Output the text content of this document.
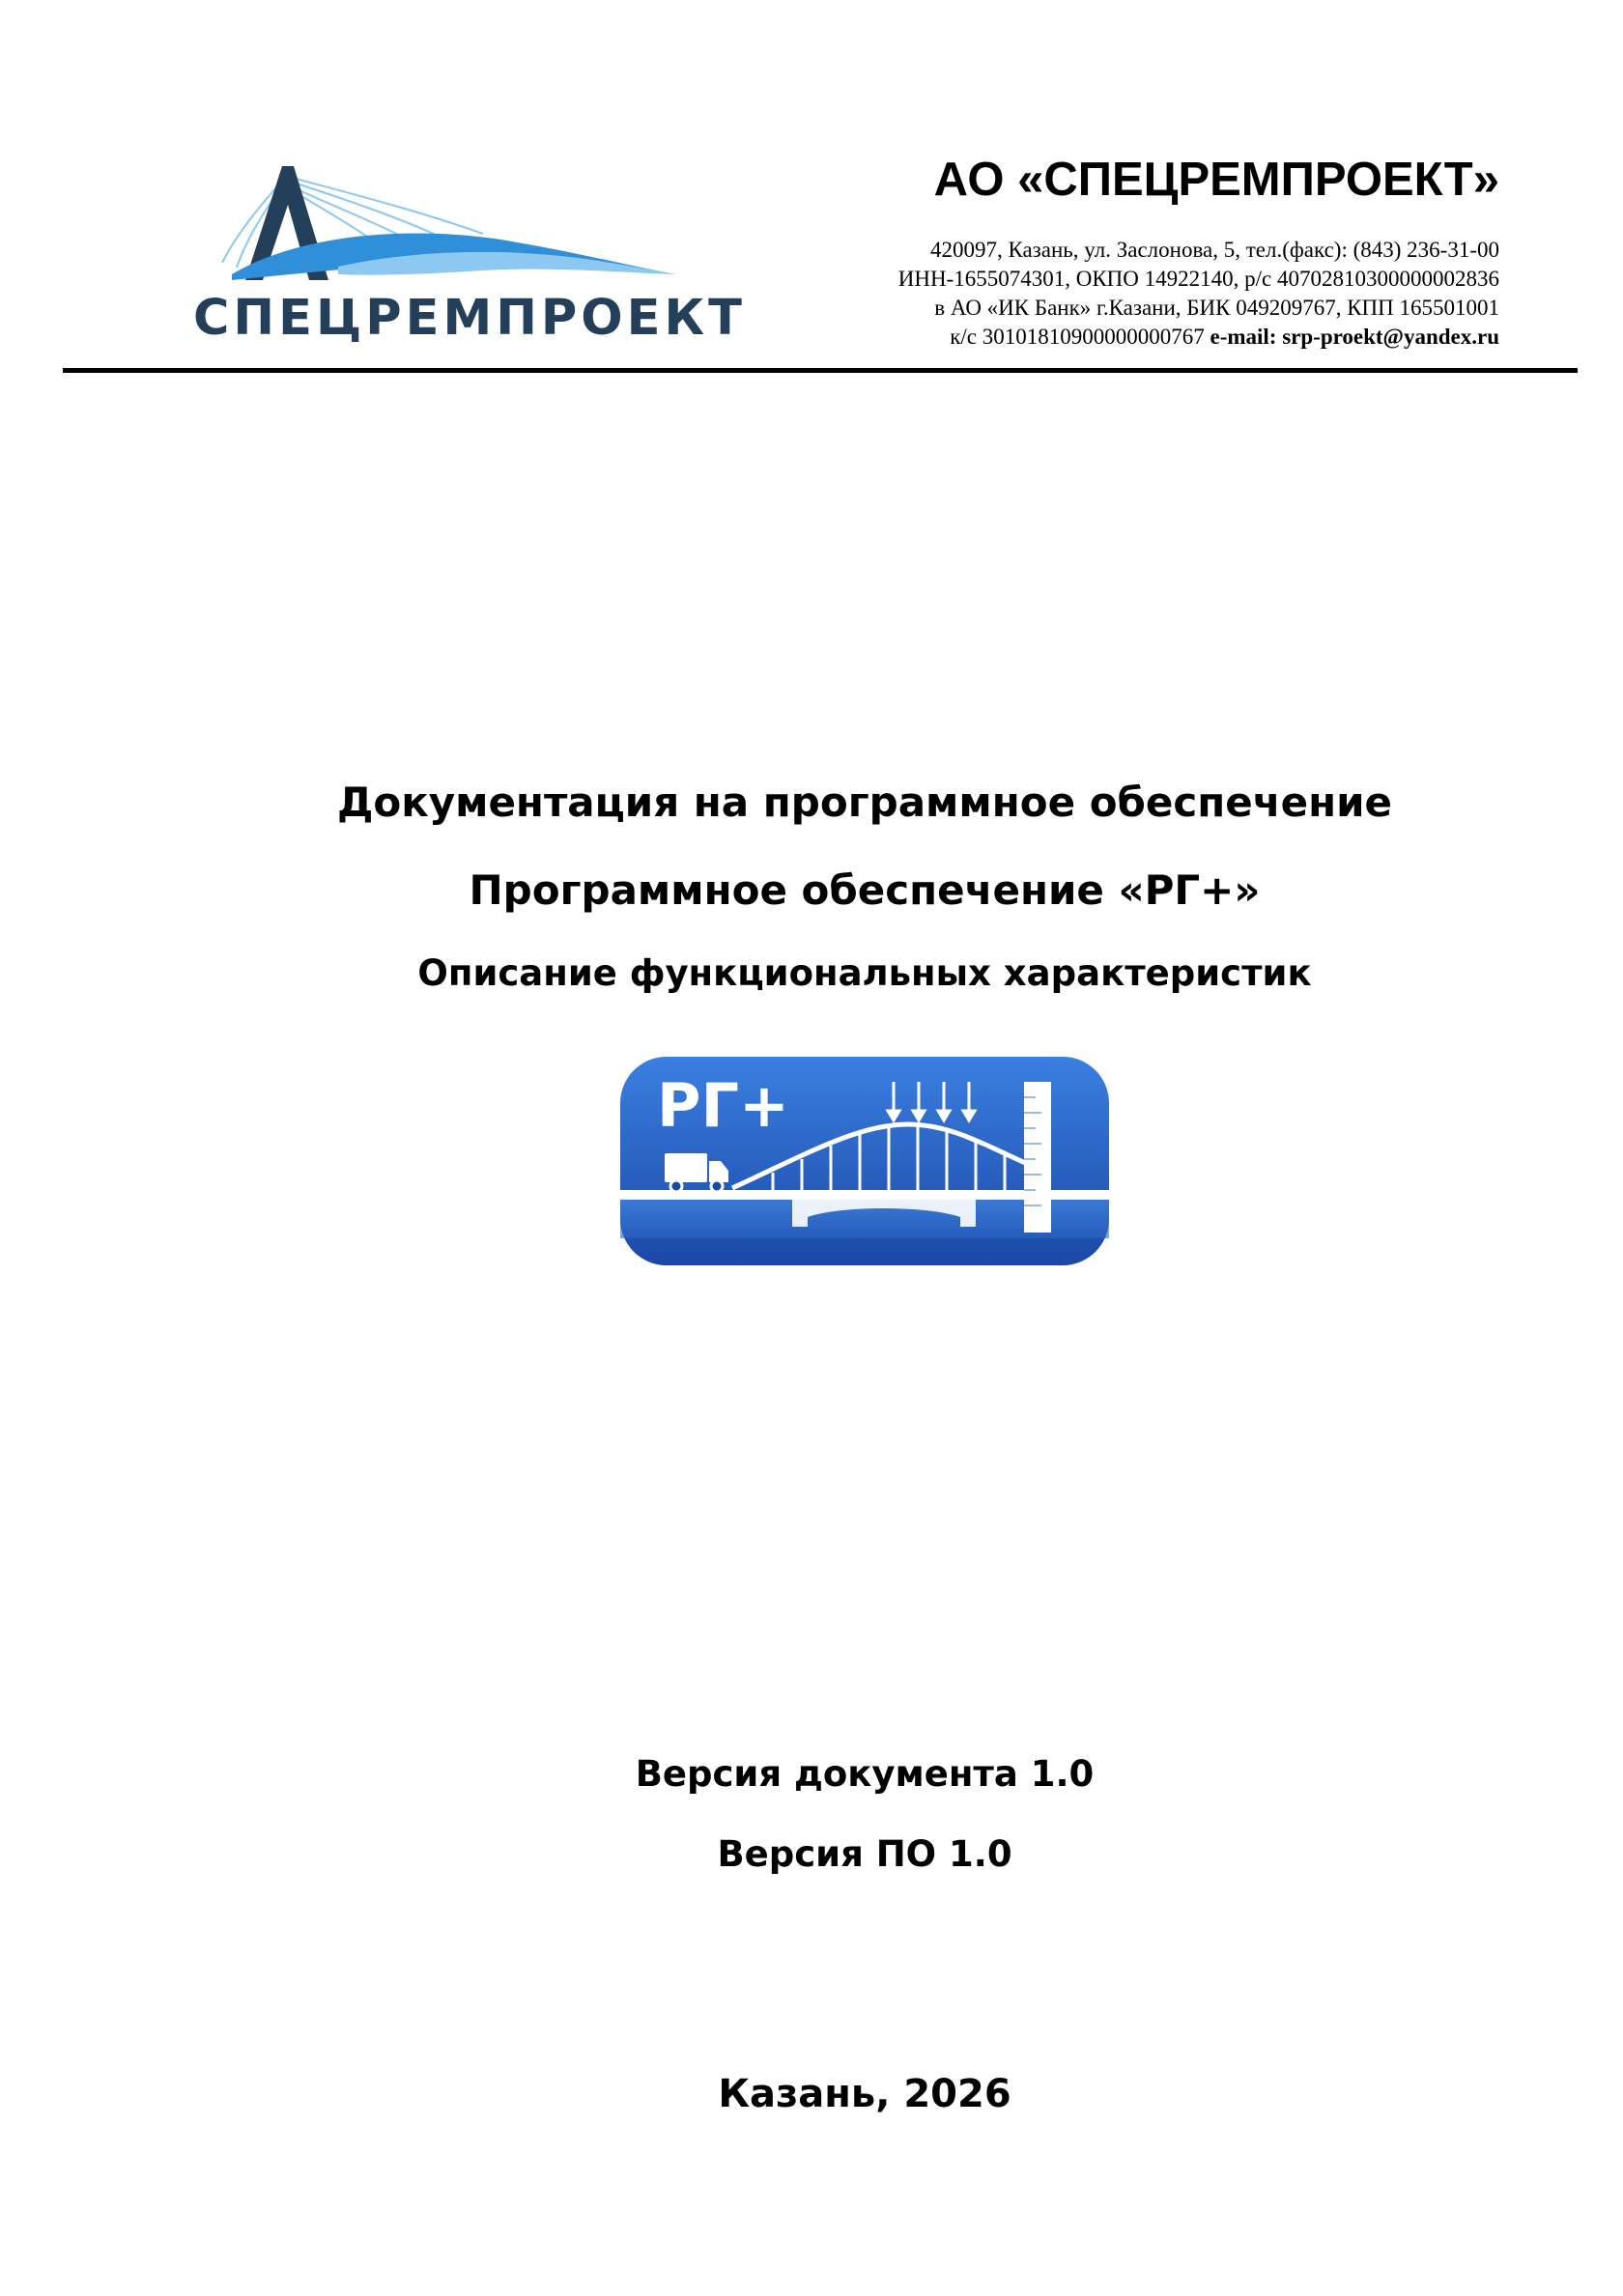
СПЕЦРЕМПРОЕКТ
АО «СПЕЦРЕМПРОЕКТ»
420097, Казань, ул. Заслонова, 5, тел.(факс): (843) 236-31-00
ИНН-1655074301, ОКПО 14922140, р/с 40702810300000002836
в АО «ИК Банк» г.Казани, БИК 049209767, КПП 165501001
к/с 30101810900000000767 e-mail: srp-proekt@yandex.ru
Документация на программное обеспечение
Программное обеспечение «РГ+»
Описание функциональных характеристик
РГ+
Версия документа 1.0
Версия ПО 1.0
Казань, 2026
